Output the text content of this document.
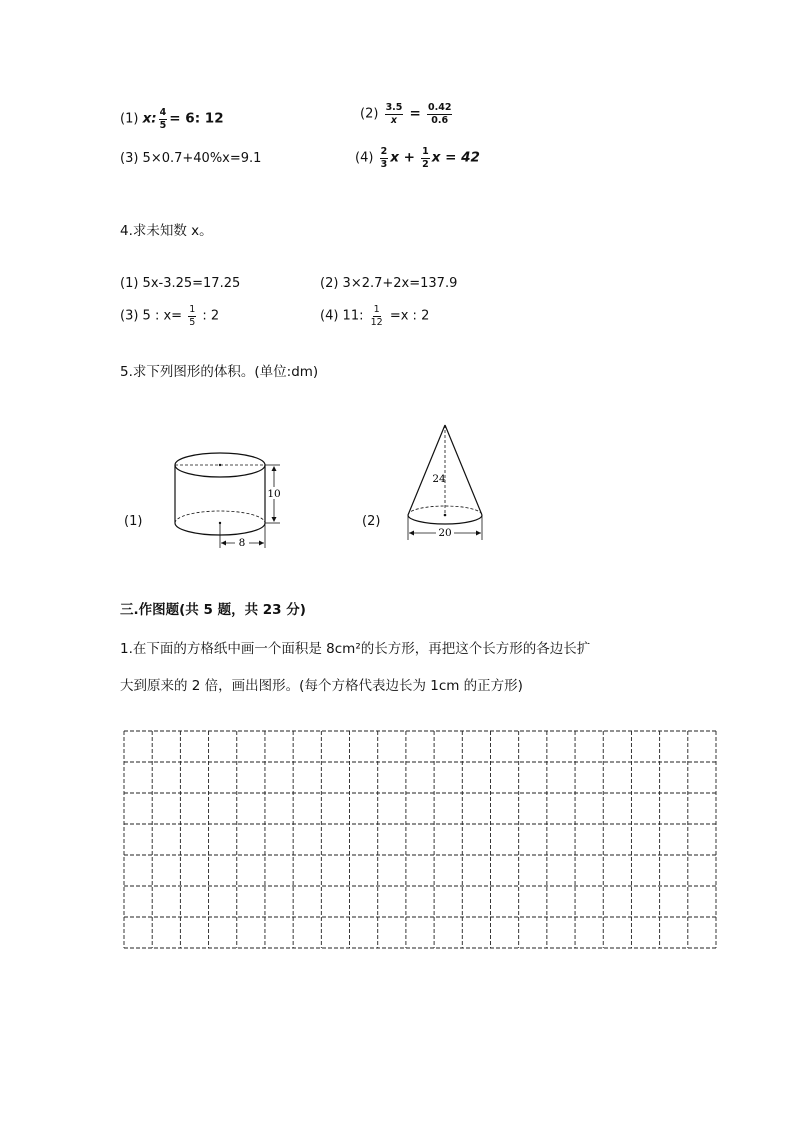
(1) x: $\frac{4}{5} = 6$: 12	$(2) \frac{3.5}{x} = \frac{0.42}{0.6}$
(3) 5×0.7+40%x=9.1	$(4) \frac{2}{3}$ $x + \frac{1}{2}$ x = 42
4.求未知数 x。
(1) 5x-3.25=17.25	(2) 3×2.7+2x=137.9
(3) 5 : $x= \frac{1}{5}$ : 2	(4) 11: $\frac{1}{12} =x$ : 2
5.求下列图形的体积。(单位:dm)
(1)
10
8
(2)
24
20
三.作图题(共 5 题，共 23 分)
1.在下面的方格纸中画一个面积是 8cm²的长方形，再把这个长方形的各边长扩
大到原来的 2 倍，画出图形。(每个方格代表边长为 1cm 的正方形)
